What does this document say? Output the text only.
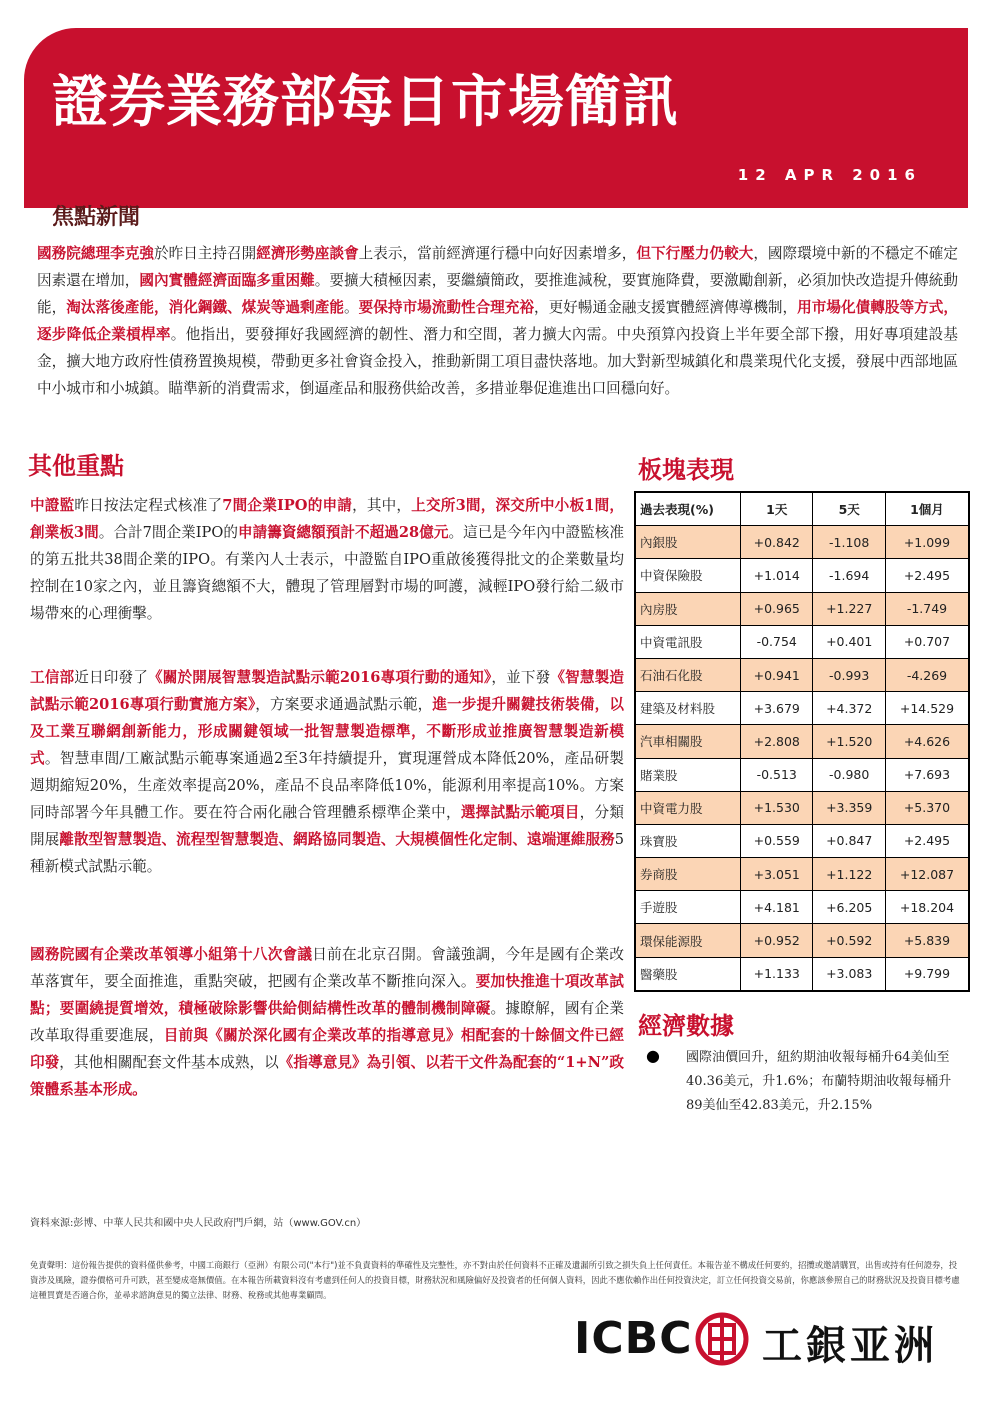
證券業務部每日市場簡訊
12 APR 2016
焦點新聞
國務院總理李克強於昨日主持召開經濟形勢座談會上表示，當前經濟運行穩中向好因素增多，但下行壓力仍較大，國際環境中新的不穩定不確定因素還在增加，國內實體經濟面臨多重困難。要擴大積極因素，要繼續簡政，要推進減稅，要實施降費，要激勵創新，必須加快改造提升傳統動能，淘汰落後產能，消化鋼鐵、煤炭等過剩產能。要保持市場流動性合理充裕，更好暢通金融支援實體經濟傳導機制，用市場化債轉股等方式，逐步降低企業槓桿率。他指出，要發揮好我國經濟的韌性、潛力和空間，著力擴大內需。中央預算內投資上半年要全部下撥，用好專項建設基金，擴大地方政府性債務置換規模，帶動更多社會資金投入，推動新開工項目盡快落地。加大對新型城鎮化和農業現代化支援，發展中西部地區中小城市和小城鎮。瞄準新的消費需求，倒逼產品和服務供給改善，多措並舉促進進出口回穩向好。
其他重點
中證監昨日按法定程式核准了7間企業IPO的申請，其中，上交所3間，深交所中小板1間，創業板3間。合計7間企業IPO的申請籌資總額預計不超過28億元。這已是今年內中證監核准的第五批共38間企業的IPO。有業內人士表示，中證監自IPO重啟後獲得批文的企業數量均控制在10家之內，並且籌資總額不大，體現了管理層對市場的呵護，減輕IPO發行給二級市場帶來的心理衝擊。
工信部近日印發了《關於開展智慧製造試點示範2016專項行動的通知》，並下發《智慧製造試點示範2016專項行動實施方案》，方案要求通過試點示範，進一步提升關鍵技術裝備，以及工業互聯網創新能力，形成關鍵領域一批智慧製造標準，不斷形成並推廣智慧製造新模式。智慧車間/工廠試點示範專案通過2至3年持續提升，實現運營成本降低20%，產品研製週期縮短20%，生產效率提高20%，產品不良品率降低10%，能源利用率提高10%。方案同時部署今年具體工作。要在符合兩化融合管理體系標準企業中，選擇試點示範項目，分類開展離散型智慧製造、流程型智慧製造、網路協同製造、大規模個性化定制、遠端運維服務5種新模式試點示範。
國務院國有企業改革領導小組第十八次會議日前在北京召開。會議強調，今年是國有企業改革落實年，要全面推進，重點突破，把國有企業改革不斷推向深入。要加快推進十項改革試點；要圍繞提質增效，積極破除影響供給側結構性改革的體制機制障礙。據瞭解，國有企業改革取得重要進展，目前與《關於深化國有企業改革的指導意見》相配套的十餘個文件已經印發，其他相關配套文件基本成熟，以《指導意見》為引領、以若干文件為配套的“1+N”政策體系基本形成。
板塊表現
過去表現(%)	1天	5天	1個月
內銀股	+0.842	-1.108	+1.099
中資保險股	+1.014	-1.694	+2.495
內房股	+0.965	+1.227	-1.749
中資電訊股	-0.754	+0.401	+0.707
石油石化股	+0.941	-0.993	-4.269
建築及材料股	+3.679	+4.372	+14.529
汽車相關股	+2.808	+1.520	+4.626
賭業股	-0.513	-0.980	+7.693
中資電力股	+1.530	+3.359	+5.370
珠寶股	+0.559	+0.847	+2.495
券商股	+3.051	+1.122	+12.087
手遊股	+4.181	+6.205	+18.204
環保能源股	+0.952	+0.592	+5.839
醫藥股	+1.133	+3.083	+9.799
經濟數據
● 國際油價回升，紐約期油收報每桶升64美仙至40.36美元，升1.6%；布蘭特期油收報每桶升89美仙至42.83美元，升2.15%
資料來源:彭博、中華人民共和國中央人民政府門戶網，站（www.GOV.cn）
免責聲明：這份報告提供的資料僅供參考，中國工商銀行（亞洲）有限公司("本行")並不負責資料的準確性及完整性，亦不對由於任何資料不正確及遺漏所引致之損失負上任何責任。本報告並不構成任何要約，招攬或邀請購買，出售或持有任何證券，投資涉及風險，證券價格可升可跌，甚至變成毫無價值。在本報告所載資料沒有考慮到任何人的投資目標，財務狀況和風險偏好及投資者的任何個人資料，因此不應依賴作出任何投資決定，訂立任何投資交易前，你應該參照自己的財務狀況及投資目標考慮這種買賣是否適合你，並尋求諮詢意見的獨立法律、財務、稅務或其他專業顧問。
ICBC 工銀亚洲
